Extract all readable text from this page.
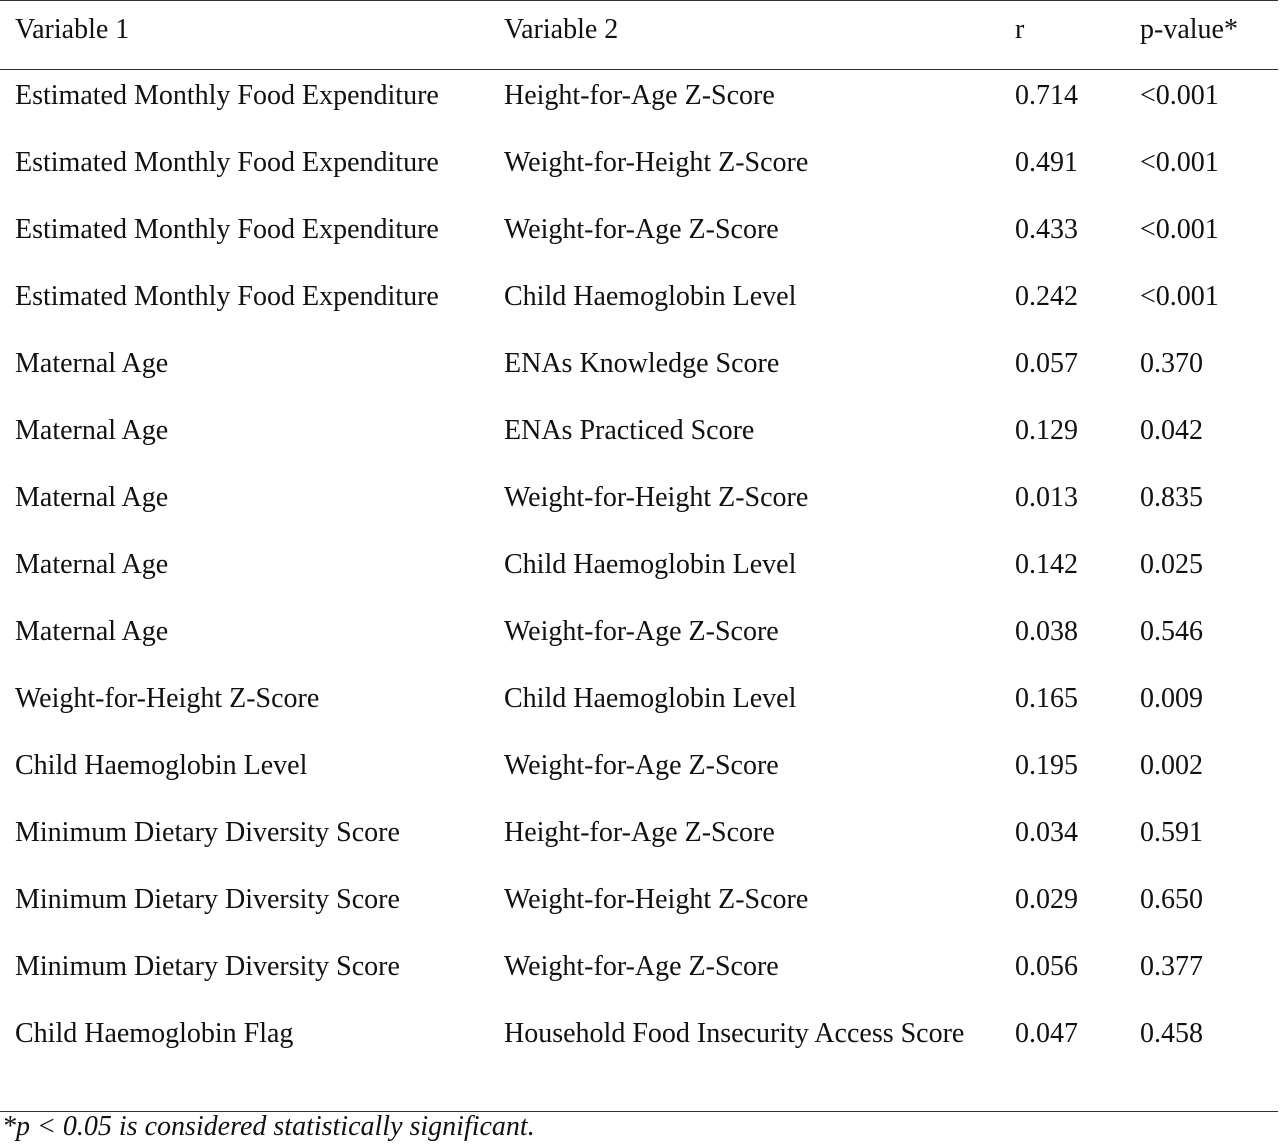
Variable 1	Variable 2	r	p-value*
Estimated Monthly Food Expenditure	Height-for-Age Z-Score	0.714	<0.001
Estimated Monthly Food Expenditure	Weight-for-Height Z-Score	0.491	<0.001
Estimated Monthly Food Expenditure	Weight-for-Age Z-Score	0.433	<0.001
Estimated Monthly Food Expenditure	Child Haemoglobin Level	0.242	<0.001
Maternal Age	ENAs Knowledge Score	0.057	0.370
Maternal Age	ENAs Practiced Score	0.129	0.042
Maternal Age	Weight-for-Height Z-Score	0.013	0.835
Maternal Age	Child Haemoglobin Level	0.142	0.025
Maternal Age	Weight-for-Age Z-Score	0.038	0.546
Weight-for-Height Z-Score	Child Haemoglobin Level	0.165	0.009
Child Haemoglobin Level	Weight-for-Age Z-Score	0.195	0.002
Minimum Dietary Diversity Score	Height-for-Age Z-Score	0.034	0.591
Minimum Dietary Diversity Score	Weight-for-Height Z-Score	0.029	0.650
Minimum Dietary Diversity Score	Weight-for-Age Z-Score	0.056	0.377
Child Haemoglobin Flag	Household Food Insecurity Access Score	0.047	0.458
*p < 0.05 is considered statistically significant.
